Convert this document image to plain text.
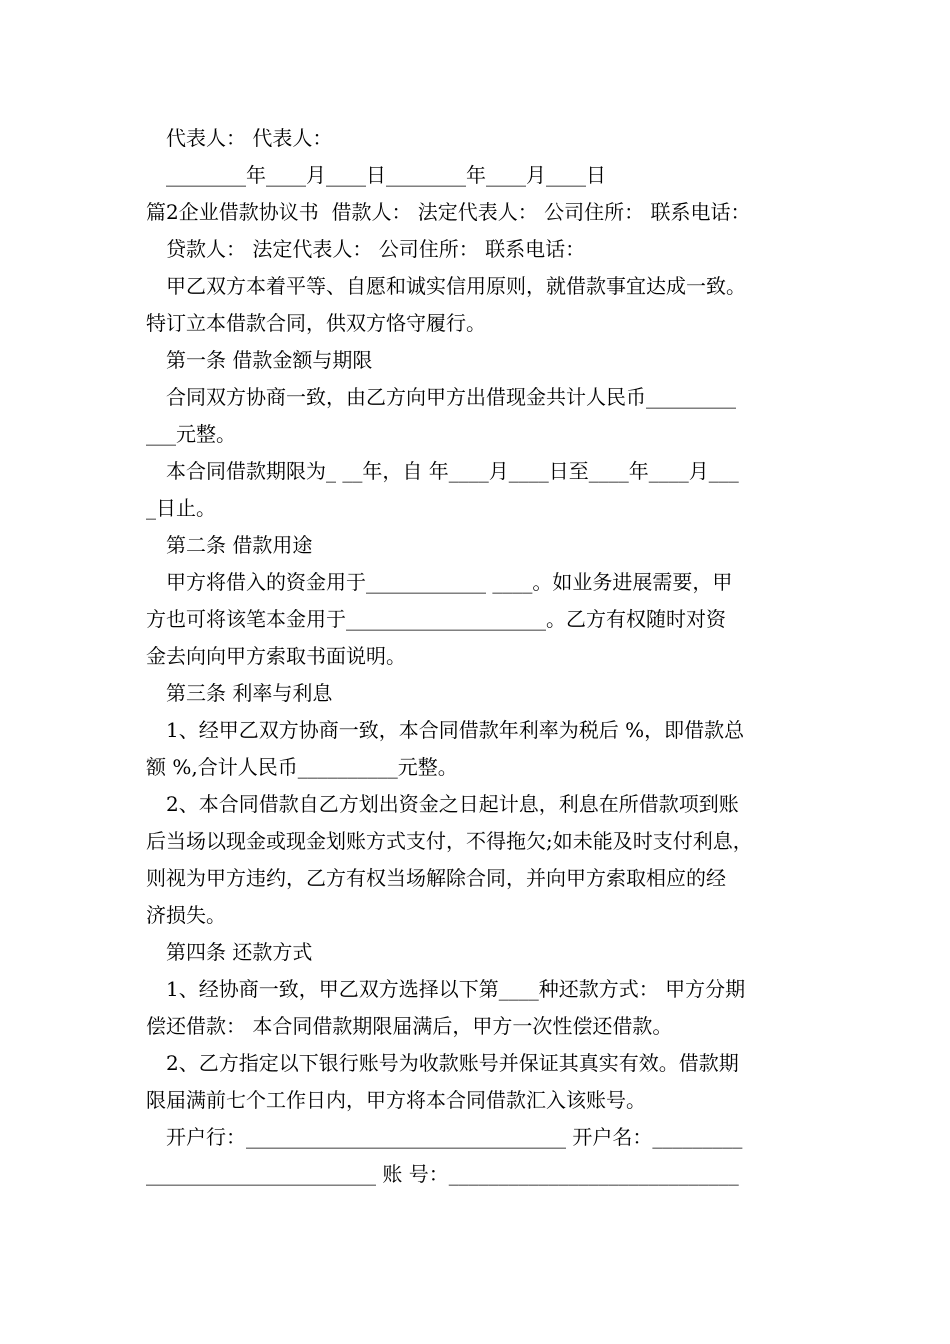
代表人： 代表人：
________年____月____日________年____月____日
篇2企业借款协议书  借款人： 法定代表人： 公司住所： 联系电话：
贷款人： 法定代表人： 公司住所： 联系电话：
甲乙双方本着平等、自愿和诚实信用原则，就借款事宜达成一致。
特订立本借款合同，供双方恪守履行。
第一条 借款金额与期限
合同双方协商一致，由乙方向甲方出借现金共计人民币_________
___元整。
本合同借款期限为_ __年，自 年____月____日至____年____月___
_日止。
第二条 借款用途
甲方将借入的资金用于____________ ____。如业务进展需要，甲
方也可将该笔本金用于____________________。乙方有权随时对资
金去向向甲方索取书面说明。
第三条 利率与利息
1、经甲乙双方协商一致，本合同借款年利率为税后 %，即借款总
额 %,合计人民币__________元整。
2、本合同借款自乙方划出资金之日起计息，利息在所借款项到账
后当场以现金或现金划账方式支付，不得拖欠;如未能及时支付利息，
则视为甲方违约，乙方有权当场解除合同，并向甲方索取相应的经
济损失。
第四条 还款方式
1、经协商一致，甲乙双方选择以下第____种还款方式： 甲方分期
偿还借款： 本合同借款期限届满后，甲方一次性偿还借款。
2、乙方指定以下银行账号为收款账号并保证其真实有效。借款期
限届满前七个工作日内，甲方将本合同借款汇入该账号。
开户行：________________________________ 开户名：_________
_______________________ 账 号：_____________________________
